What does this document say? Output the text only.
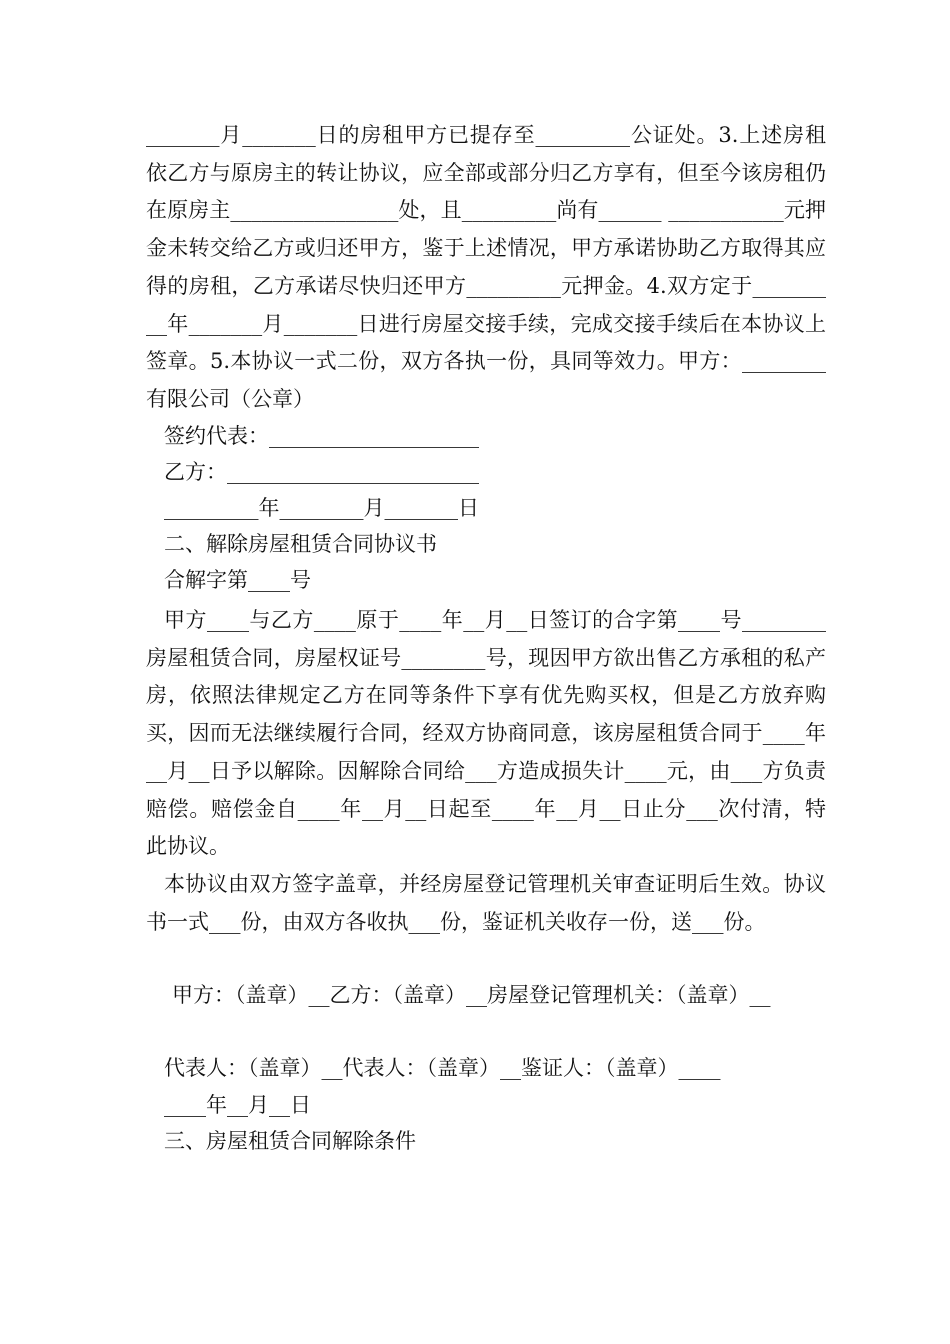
_______月_______日的房租甲方已提存至_________公证处。3.上述房租依乙方与原房主的转让协议，应全部或部分归乙方享有，但至今该房租仍在原房主________________处，且_________尚有______ ___________元押金未转交给乙方或归还甲方，鉴于上述情况，甲方承诺协助乙方取得其应得的房租，乙方承诺尽快归还甲方_________元押金。4.双方定于_________年_______月_______日进行房屋交接手续，完成交接手续后在本协议上签章。5.本协议一式二份，双方各执一份，具同等效力。甲方：________有限公司（公章）

签约代表：____________________

乙方：________________________

_________年________月_______日

二、解除房屋租赁合同协议书

合解字第____号

甲方____与乙方____原于____年__月__日签订的合字第____号________房屋租赁合同，房屋权证号________号，现因甲方欲出售乙方承租的私产房，依照法律规定乙方在同等条件下享有优先购买权，但是乙方放弃购买，因而无法继续履行合同，经双方协商同意，该房屋租赁合同于____年__月__日予以解除。因解除合同给___方造成损失计____元，由___方负责赔偿。赔偿金自____年__月__日起至____年__月__日止分___次付清，特此协议。

本协议由双方签字盖章，并经房屋登记管理机关审查证明后生效。协议书一式___份，由双方各收执___份，鉴证机关收存一份，送___份。

甲方：（盖章）__乙方：（盖章）__房屋登记管理机关：（盖章）__

代表人：（盖章）__代表人：（盖章）__鉴证人：（盖章）____

____年__月__日

三、房屋租赁合同解除条件
